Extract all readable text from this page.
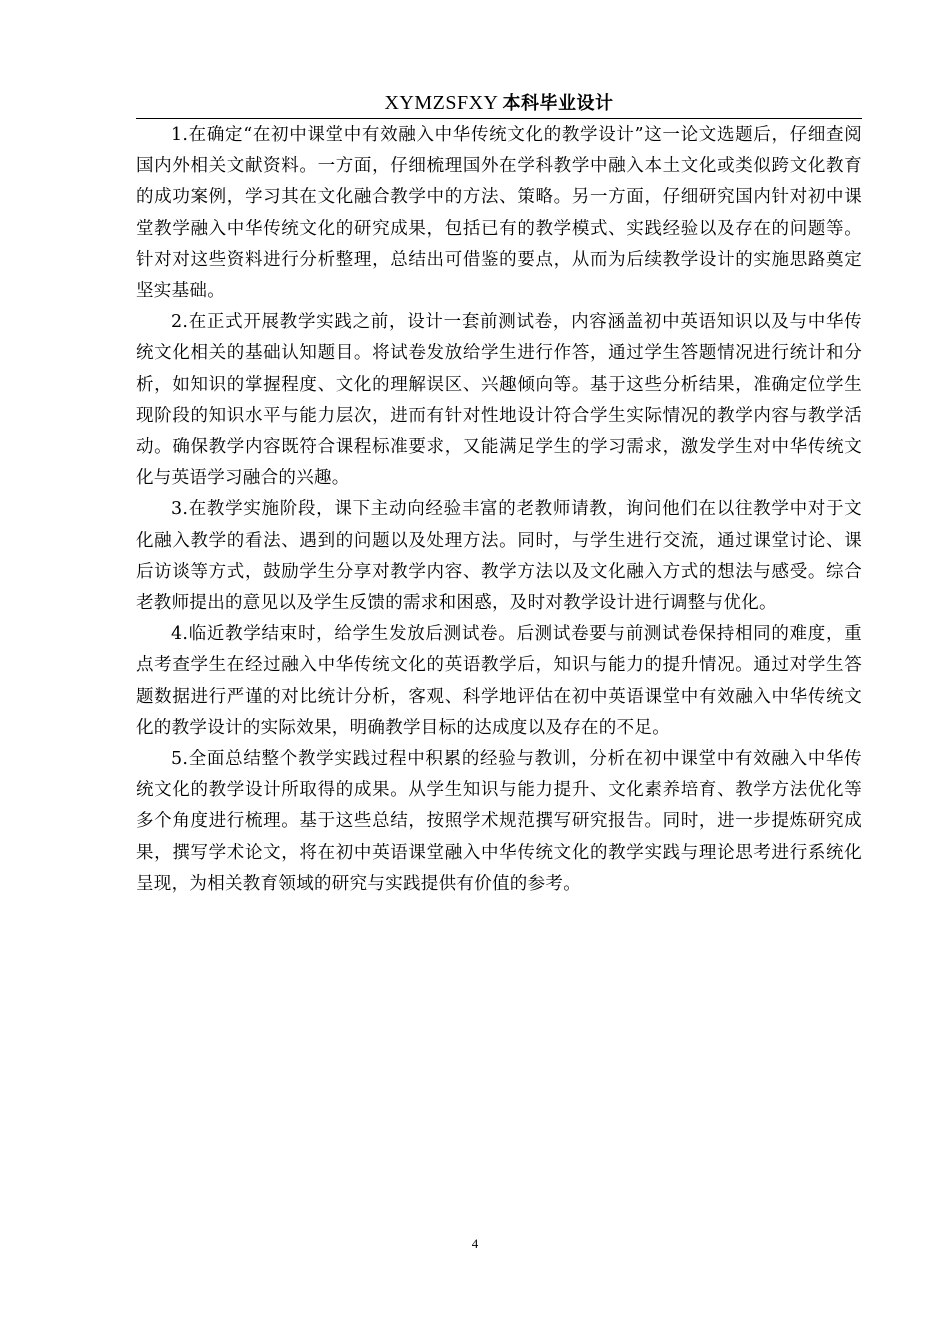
XYMZSFXY 本科毕业设计

1.在确定“在初中课堂中有效融入中华传统文化的教学设计”这一论文选题后，仔细查阅国内外相关文献资料。一方面，仔细梳理国外在学科教学中融入本土文化或类似跨文化教育的成功案例，学习其在文化融合教学中的方法、策略。另一方面，仔细研究国内针对初中课堂教学融入中华传统文化的研究成果，包括已有的教学模式、实践经验以及存在的问题等。针对对这些资料进行分析整理，总结出可借鉴的要点，从而为后续教学设计的实施思路奠定坚实基础。

2.在正式开展教学实践之前，设计一套前测试卷，内容涵盖初中英语知识以及与中华传统文化相关的基础认知题目。将试卷发放给学生进行作答，通过学生答题情况进行统计和分析，如知识的掌握程度、文化的理解误区、兴趣倾向等。基于这些分析结果，准确定位学生现阶段的知识水平与能力层次，进而有针对性地设计符合学生实际情况的教学内容与教学活动。确保教学内容既符合课程标准要求，又能满足学生的学习需求，激发学生对中华传统文化与英语学习融合的兴趣。

3.在教学实施阶段，课下主动向经验丰富的老教师请教，询问他们在以往教学中对于文化融入教学的看法、遇到的问题以及处理方法。同时，与学生进行交流，通过课堂讨论、课后访谈等方式，鼓励学生分享对教学内容、教学方法以及文化融入方式的想法与感受。综合老教师提出的意见以及学生反馈的需求和困惑，及时对教学设计进行调整与优化。

4.临近教学结束时，给学生发放后测试卷。后测试卷要与前测试卷保持相同的难度，重点考查学生在经过融入中华传统文化的英语教学后，知识与能力的提升情况。通过对学生答题数据进行严谨的对比统计分析，客观、科学地评估在初中英语课堂中有效融入中华传统文化的教学设计的实际效果，明确教学目标的达成度以及存在的不足。

5.全面总结整个教学实践过程中积累的经验与教训，分析在初中课堂中有效融入中华传统文化的教学设计所取得的成果。从学生知识与能力提升、文化素养培育、教学方法优化等多个角度进行梳理。基于这些总结，按照学术规范撰写研究报告。同时，进一步提炼研究成果，撰写学术论文，将在初中英语课堂融入中华传统文化的教学实践与理论思考进行系统化呈现，为相关教育领域的研究与实践提供有价值的参考。

4
